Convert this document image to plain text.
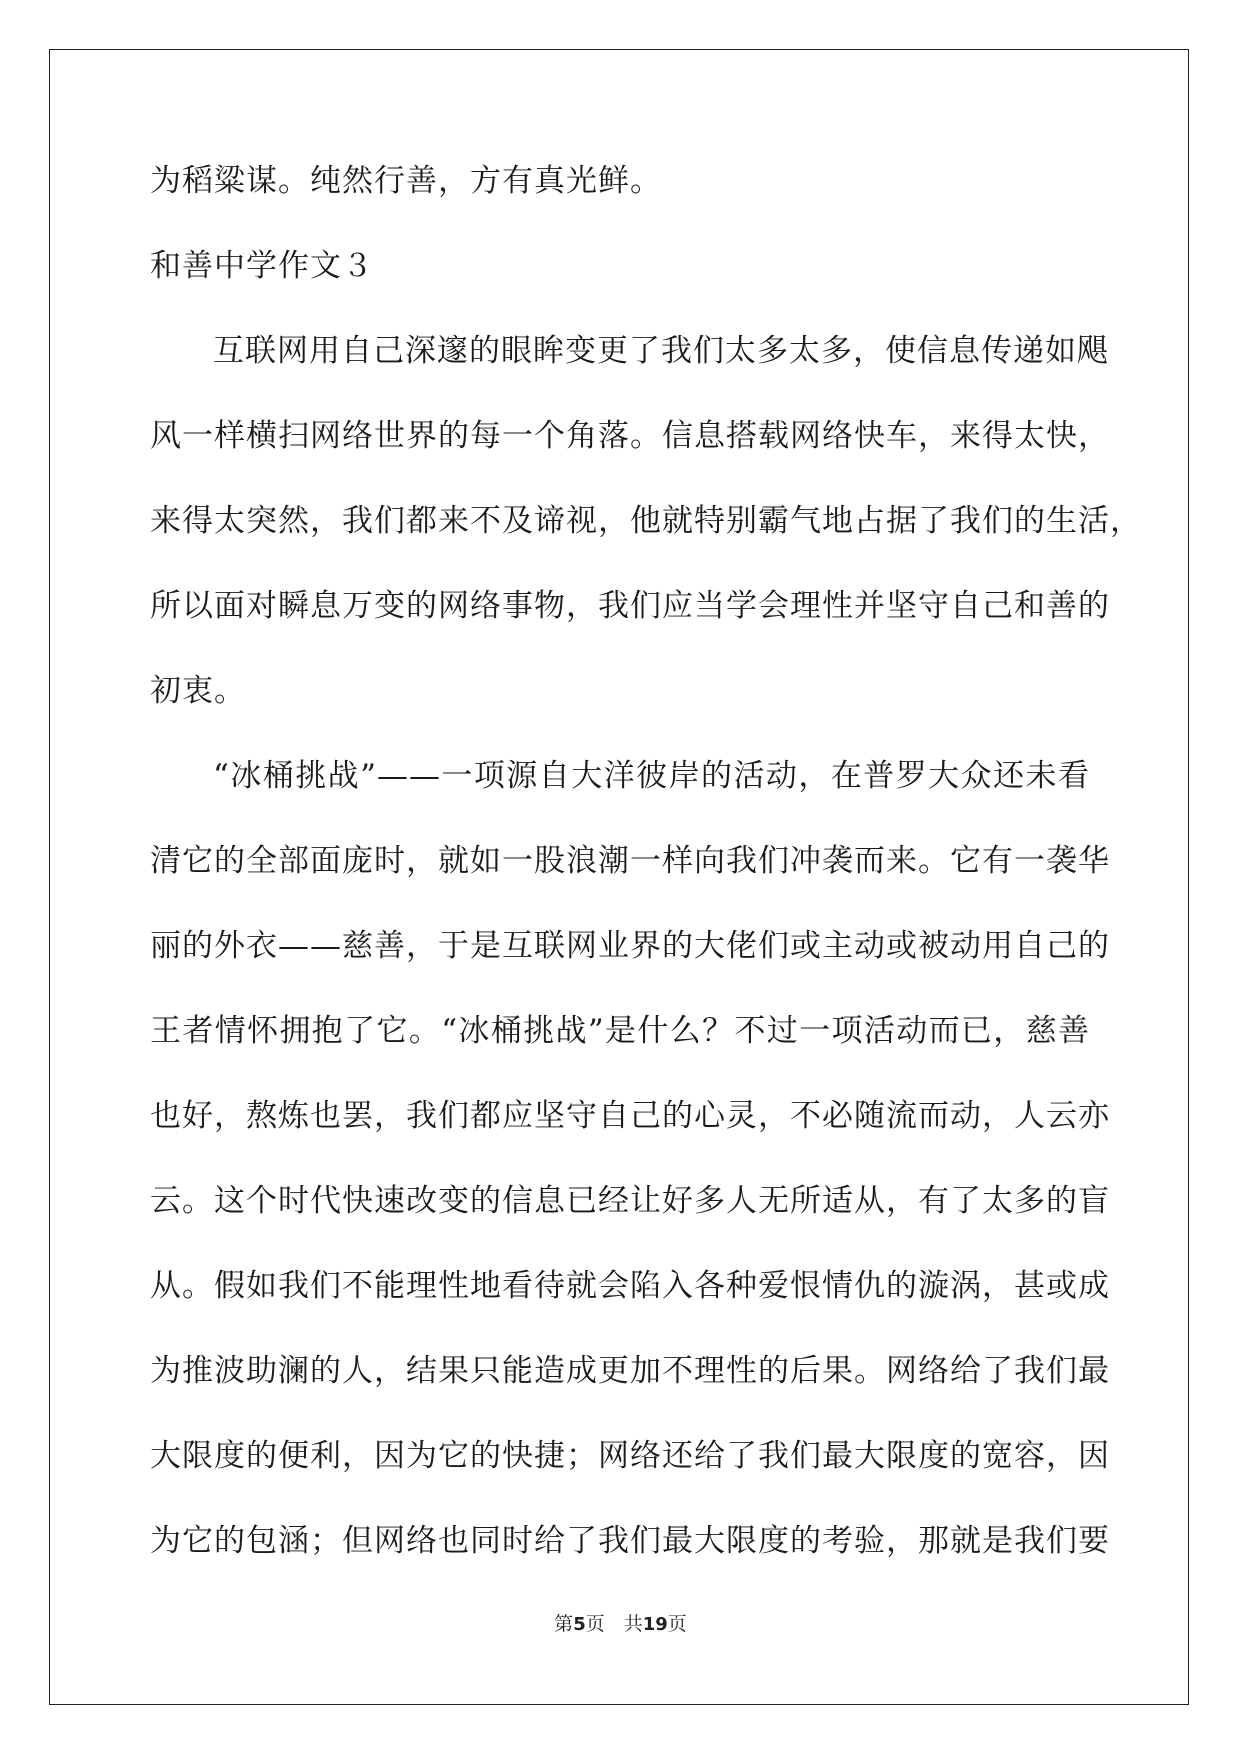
为稻粱谋。纯然行善，方有真光鲜。
和善中学作文３
互联网用自己深邃的眼眸变更了我们太多太多，使信息传递如飓
风一样横扫网络世界的每一个角落。信息搭载网络快车，来得太快，
来得太突然，我们都来不及谛视，他就特别霸气地占据了我们的生活，
所以面对瞬息万变的网络事物，我们应当学会理性并坚守自己和善的
初衷。
“冰桶挑战”——一项源自大洋彼岸的活动，在普罗大众还未看
清它的全部面庞时，就如一股浪潮一样向我们冲袭而来。它有一袭华
丽的外衣——慈善，于是互联网业界的大佬们或主动或被动用自己的
王者情怀拥抱了它。“冰桶挑战”是什么？不过一项活动而已，慈善
也好，熬炼也罢，我们都应坚守自己的心灵，不必随流而动，人云亦
云。这个时代快速改变的信息已经让好多人无所适从，有了太多的盲
从。假如我们不能理性地看待就会陷入各种爱恨情仇的漩涡，甚或成
为推波助澜的人，结果只能造成更加不理性的后果。网络给了我们最
大限度的便利，因为它的快捷；网络还给了我们最大限度的宽容，因
为它的包涵；但网络也同时给了我们最大限度的考验，那就是我们要
第5页　共19页
